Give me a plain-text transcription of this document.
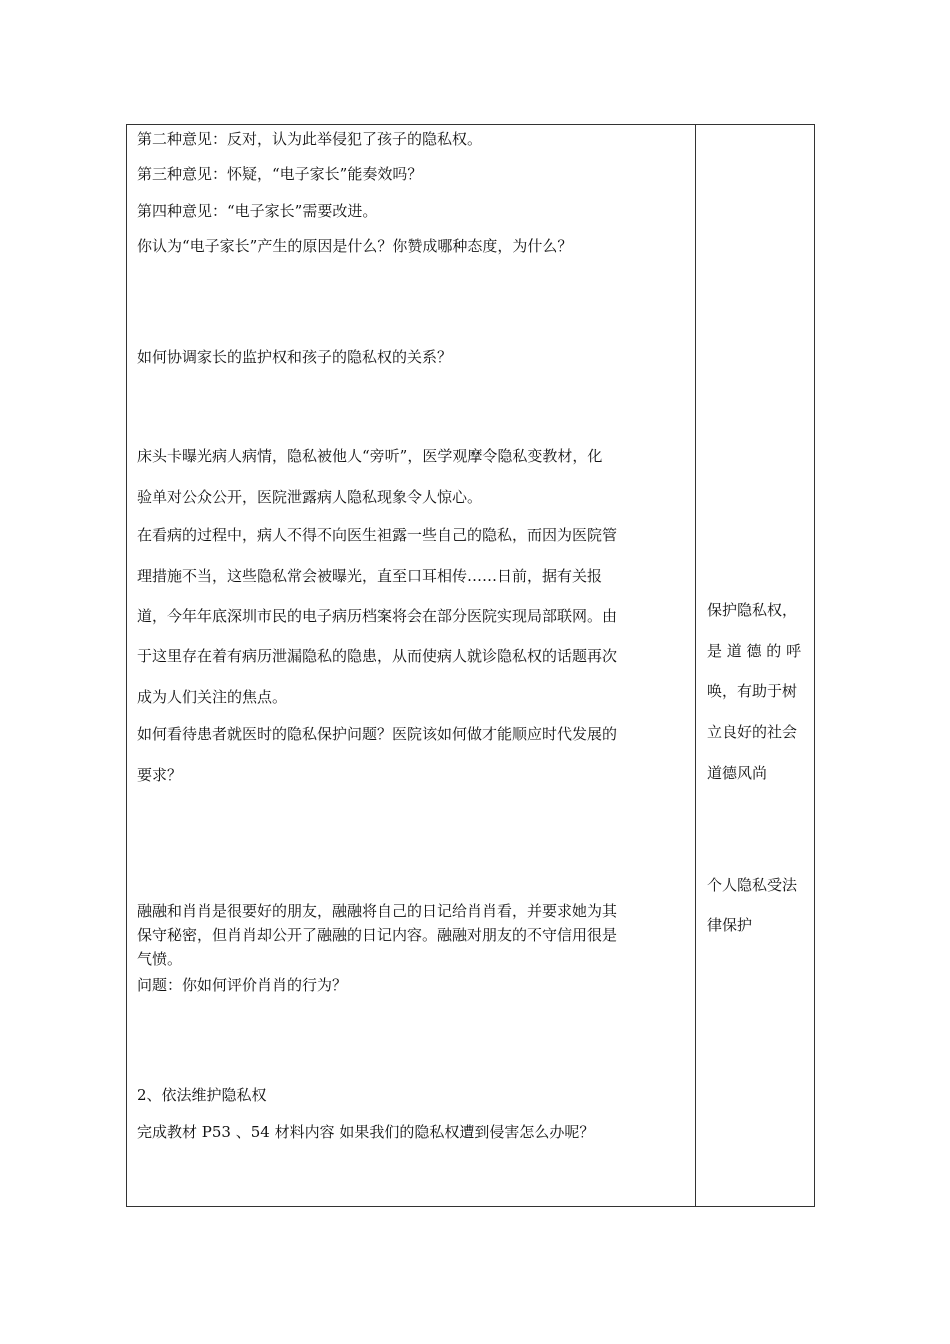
第二种意见：反对，认为此举侵犯了孩子的隐私权。
第三种意见：怀疑，“电子家长”能奏效吗？
第四种意见：“电子家长”需要改进。
你认为“电子家长”产生的原因是什么？你赞成哪种态度，为什么？
如何协调家长的监护权和孩子的隐私权的关系？
床头卡曝光病人病情，隐私被他人“旁听”，医学观摩令隐私变教材，化
验单对公众公开，医院泄露病人隐私现象令人惊心。
在看病的过程中，病人不得不向医生袒露一些自己的隐私，而因为医院管
理措施不当，这些隐私常会被曝光，直至口耳相传……日前，据有关报
道，今年年底深圳市民的电子病历档案将会在部分医院实现局部联网。由
于这里存在着有病历泄漏隐私的隐患，从而使病人就诊隐私权的话题再次
成为人们关注的焦点。
如何看待患者就医时的隐私保护问题？医院该如何做才能顺应时代发展的
要求？
融融和肖肖是很要好的朋友，融融将自己的日记给肖肖看，并要求她为其
保守秘密，但肖肖却公开了融融的日记内容。融融对朋友的不守信用很是
气愤。
问题：你如何评价肖肖的行为？
2、依法维护隐私权
完成教材 P53 、54 材料内容 如果我们的隐私权遭到侵害怎么办呢？
保护隐私权，
是 道 德 的 呼
唤，有助于树
立良好的社会
道德风尚
个人隐私受法
律保护
